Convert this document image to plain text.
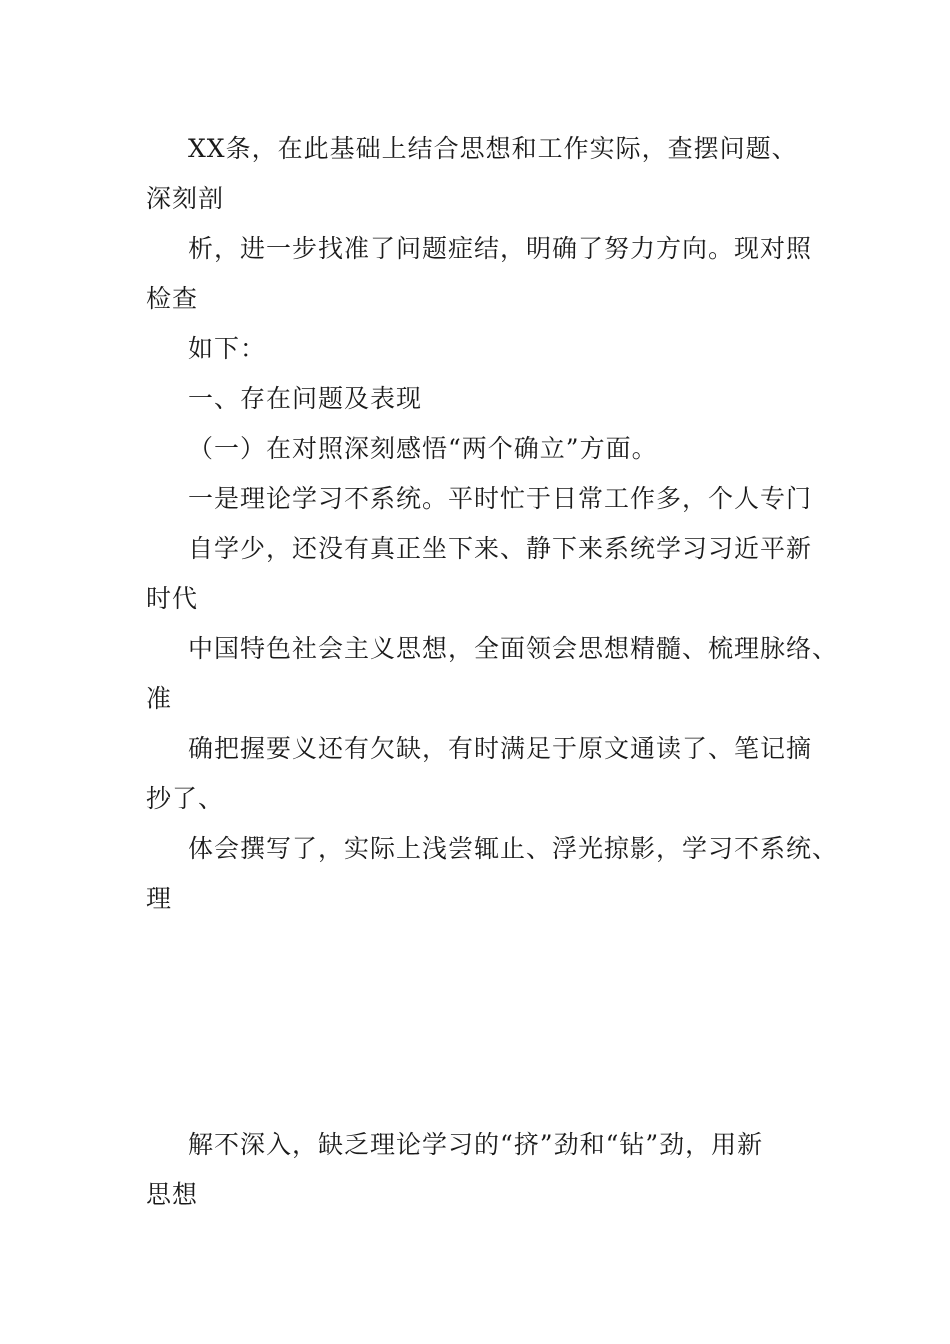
XX条，在此基础上结合思想和工作实际，查摆问题、
深刻剖
析，进一步找准了问题症结，明确了努力方向。现对照
检查
如下：
一、存在问题及表现
（一）在对照深刻感悟“两个确立”方面。
一是理论学习不系统。平时忙于日常工作多，个人专门
自学少，还没有真正坐下来、静下来系统学习习近平新
时代
中国特色社会主义思想，全面领会思想精髓、梳理脉络、
准
确把握要义还有欠缺，有时满足于原文通读了、笔记摘
抄了、
体会撰写了，实际上浅尝辄止、浮光掠影，学习不系统、
理
解不深入，缺乏理论学习的“挤”劲和“钻”劲，用新
思想
